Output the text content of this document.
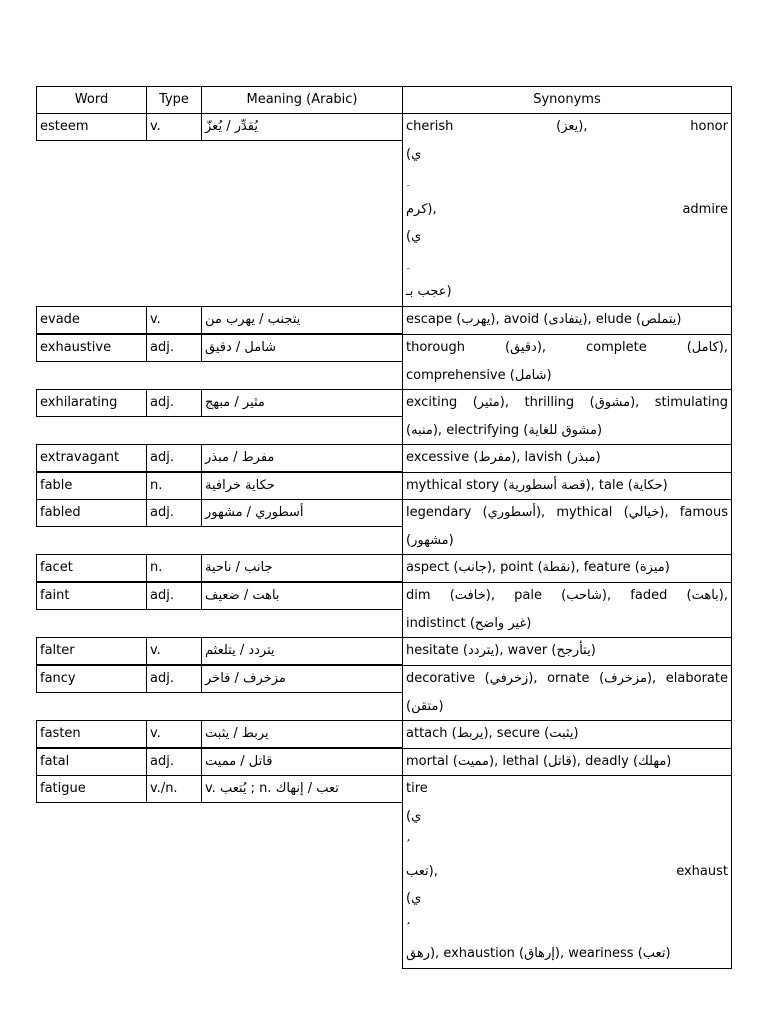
Word	Type	Meaning (Arabic)	Synonyms
esteem	v.	يُقدِّر / يُعزّ	cherish	(يعز),	honor
(ي
كرم),	admire
(ي
عجب بـ)
evade	v.	يتجنب / يهرب من	escape (يهرب), avoid (يتفادى), elude (يتملص)
exhaustive	adj. شامل / دقيق	thorough	(دقيق),	complete	(كامل),
comprehensive (شامل)
exhilarating	adj. مثير / مبهج	exciting (مثير), thrilling (مشوق), stimulating
(منبه), electrifying (مشوق للغاية)
extravagant adj. مفرط / مبذر	excessive (مفرط), lavish (مبذر)
fable	n.	حكاية خرافية	mythical story (قصة أسطورية), tale (حكاية)
fabled	adj. أسطوري / مشهور	legendary (أسطوري), mythical (خيالي), famous
(مشهور)
facet	n.	جانب / ناحية	aspect (جانب), point (نقطة), feature (ميزة)
faint	adj. باهت / ضعيف	dim (خافت), pale (شاحب), faded (باهت),
indistinct (غير واضح)
falter	v.	يتردد / يتلعثم	hesitate (يتردد), waver (يتأرجح)
fancy	adj. مزخرف / فاخر	decorative (زخرفي), ornate (مزخرف), elaborate
(متقن)
fasten	v.	يربط / يثبت	attach (يربط), secure (يثبت)
fatal	adj. قاتل / مميت	mortal (مميت), lethal (قاتل), deadly (مهلك)
fatigue	v./n. v. يُتعب ; n. تعب / إنهاك	tire
(ي
تعب),	exhaust
(ي
رهق), exhaustion (إرهاق), weariness (تعب)
